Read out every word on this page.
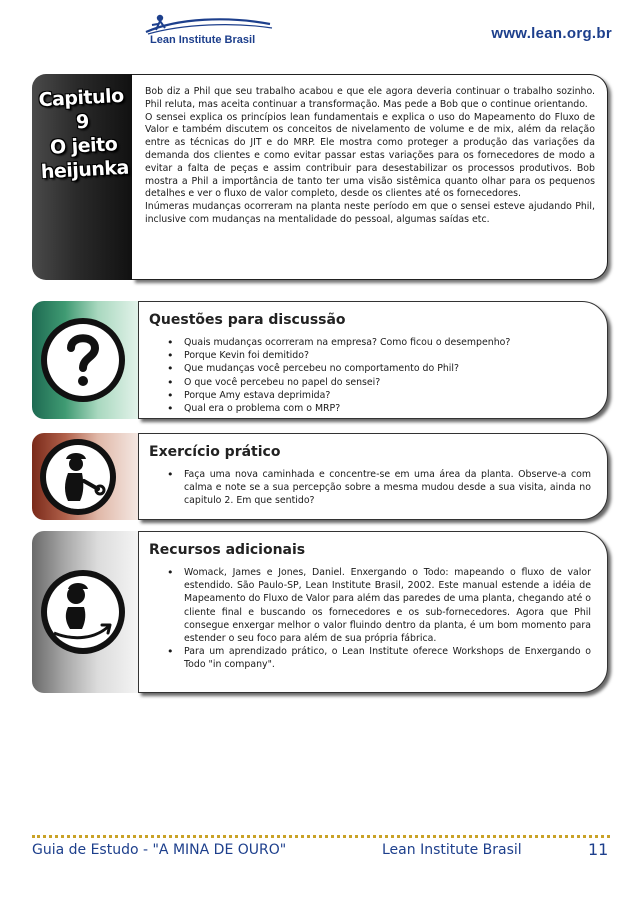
Lean Institute Brasil	www.lean.org.br
Capitulo 9
O jeito
heijunka

Bob diz a Phil que seu trabalho acabou e que ele agora deveria continuar o trabalho sozinho. Phil reluta, mas aceita continuar a transformação. Mas pede a Bob que o continue orientando.

O sensei explica os princípios lean fundamentais e explica o uso do Mapeamento do Fluxo de Valor e também discutem os conceitos de nivelamento de volume e de mix, além da relação entre as técnicas do JIT e do MRP. Ele mostra como proteger a produção das variações da demanda dos clientes e como evitar passar estas variações para os fornecedores de modo a evitar a falta de peças e assim contribuir para desestabilizar os processos produtivos. Bob mostra a Phil a importância de tanto ter uma visão sistêmica quanto olhar para os pequenos detalhes e ver o fluxo de valor completo, desde os clientes até os fornecedores.

Inúmeras mudanças ocorreram na planta neste período em que o sensei esteve ajudando Phil, inclusive com mudanças na mentalidade do pessoal, algumas saídas etc.

Questões para discussão
• Quais mudanças ocorreram na empresa? Como ficou o desempenho?
• Porque Kevin foi demitido?
• Que mudanças você percebeu no comportamento do Phil?
• O que você percebeu no papel do sensei?
• Porque Amy estava deprimida?
• Qual era o problema com o MRP?
Exercício prático
• Faça uma nova caminhada e concentre-se em uma área da planta. Observe-a com calma e note se a sua percepção sobre a mesma mudou desde a sua visita, ainda no capitulo 2. Em que sentido?
Recursos adicionais
• Womack, James e Jones, Daniel. Enxergando o Todo: mapeando o fluxo de valor estendido. São Paulo-SP, Lean Institute Brasil, 2002. Este manual estende a idéia de Mapeamento do Fluxo de Valor para além das paredes de uma planta, chegando até o cliente final e buscando os fornecedores e os sub-fornecedores. Agora que Phil consegue enxergar melhor o valor fluindo dentro da planta, é um bom momento para estender o seu foco para além de sua própria fábrica.
• Para um aprendizado prático, o Lean Institute oferece Workshops de Enxergando o Todo "in company".
Guia de Estudo - "A MINA DE OURO"	Lean Institute Brasil	11
